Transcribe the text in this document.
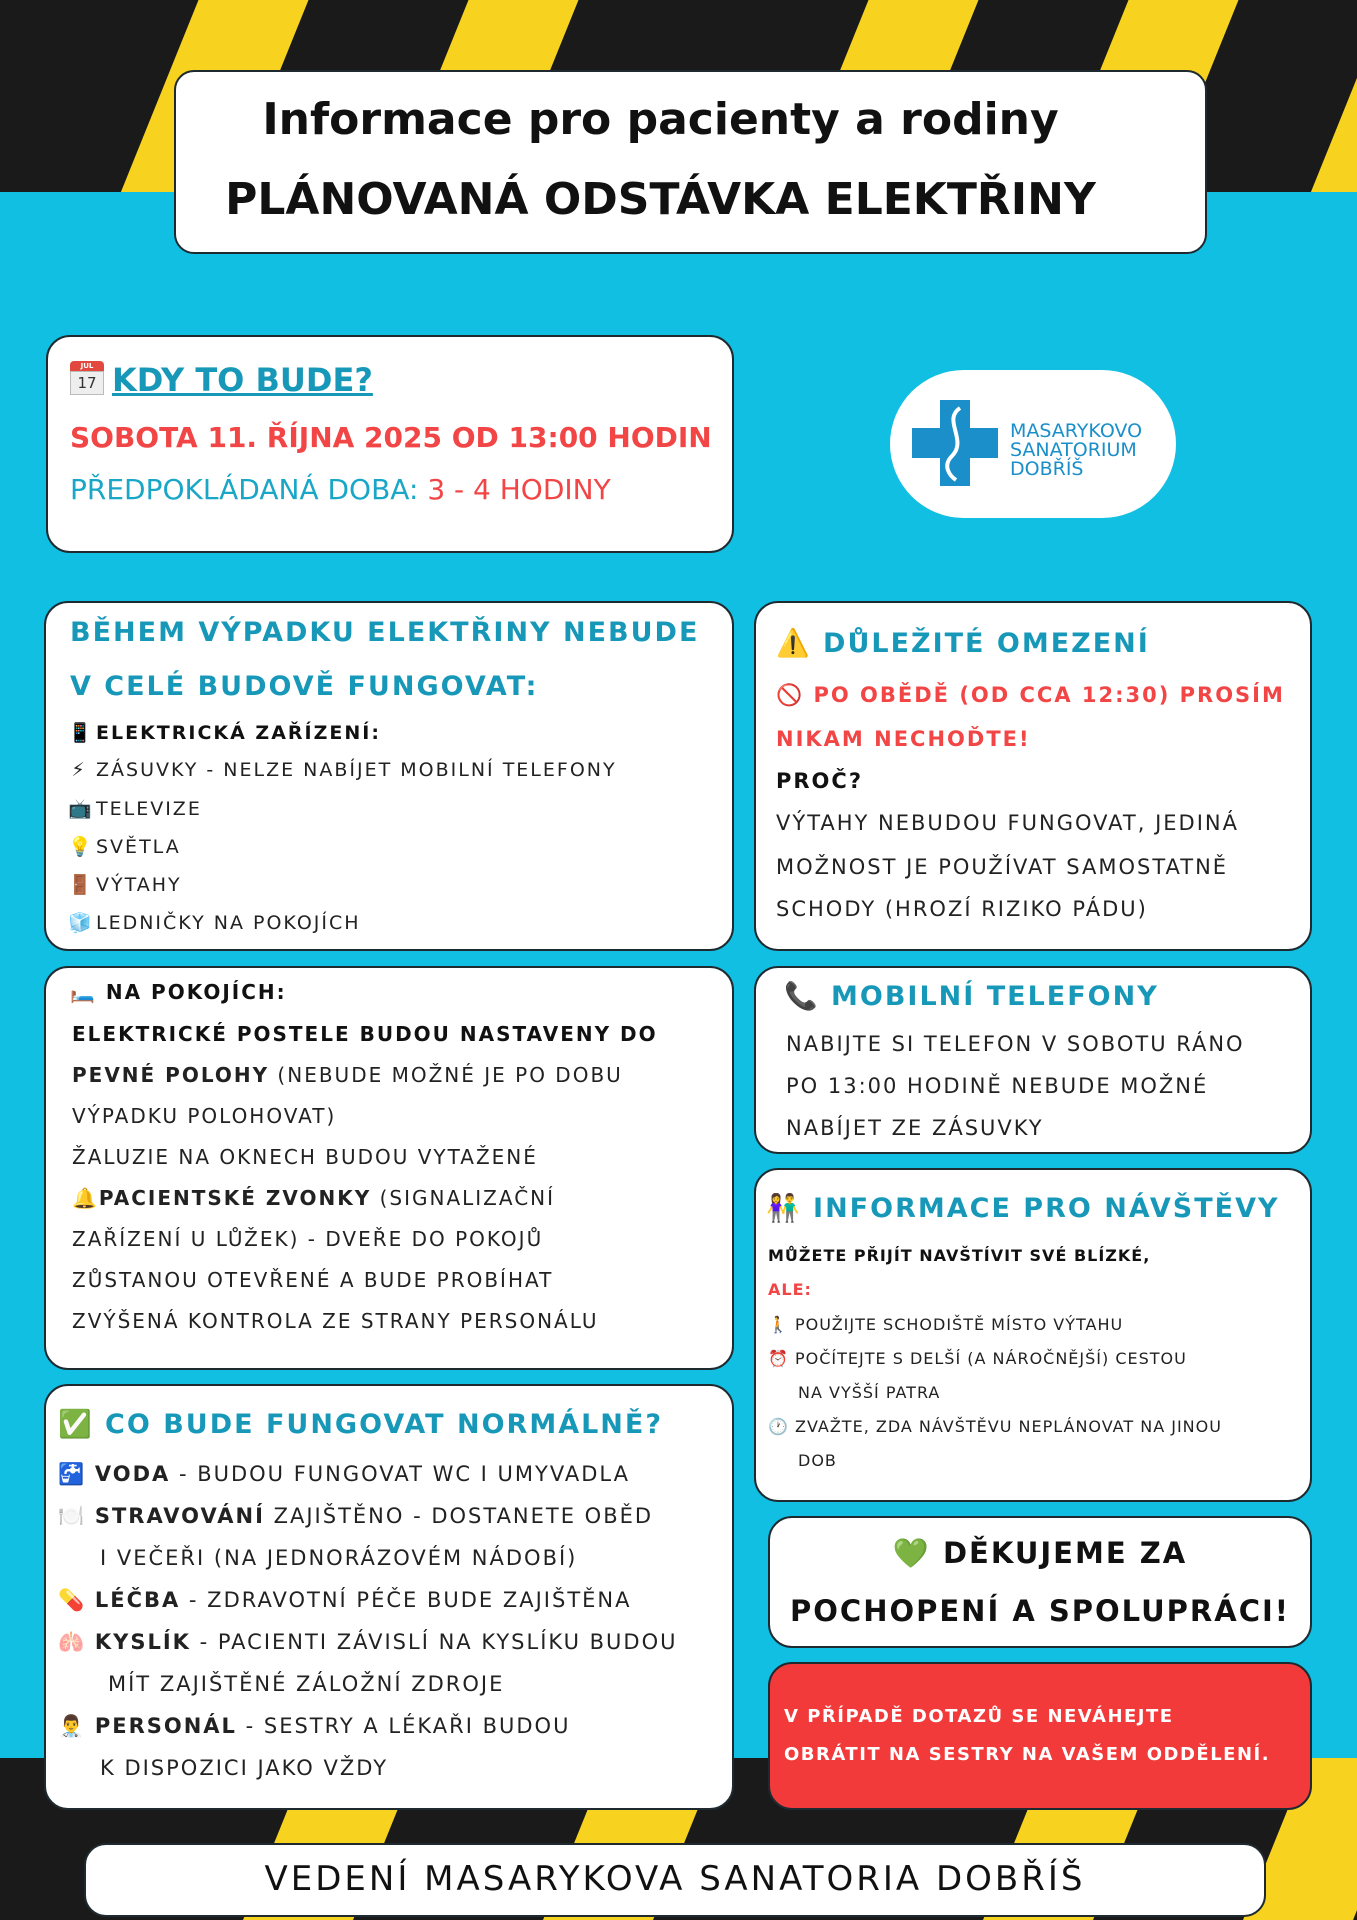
Informace pro pacienty a rodiny
PLÁNOVANÁ ODSTÁVKA ELEKTŘINY
JUL
17 KDY TO BUDE?
SOBOTA 11. ŘÍJNA 2025 OD 13:00 HODIN
PŘEDPOKLÁDANÁ DOBA: 3 - 4 HODINY
MASARYKOVO
SANATORIUM
DOBŘÍŠ
BĚHEM VÝPADKU ELEKTŘINY NEBUDE
V CELÉ BUDOVĚ FUNGOVAT:
📱 ELEKTRICKÁ ZAŘÍZENÍ:
⚡ ZÁSUVKY - NELZE NABÍJET MOBILNÍ TELEFONY
📺 TELEVIZE
💡 SVĚTLA
🚪 VÝTAHY
🧊 LEDNIČKY NA POKOJÍCH
⚠️ DŮLEŽITÉ OMEZENÍ
🚫 PO OBĚDĚ (OD CCA 12:30) PROSÍM
NIKAM NECHOĎTE!
PROČ?
VÝTAHY NEBUDOU FUNGOVAT, JEDINÁ
MOŽNOST JE POUŽÍVAT SAMOSTATNĚ
SCHODY (HROZÍ RIZIKO PÁDU)
🛏️ NA POKOJÍCH:
ELEKTRICKÉ POSTELE BUDOU NASTAVENY DO
PEVNÉ POLOHY (NEBUDE MOŽNÉ JE PO DOBU
VÝPADKU POLOHOVAT)
ŽALUZIE NA OKNECH BUDOU VYTAŽENÉ
🔔PACIENTSKÉ ZVONKY (SIGNALIZAČNÍ
ZAŘÍZENÍ U LŮŽEK) - DVEŘE DO POKOJŮ
ZŮSTANOU OTEVŘENÉ A BUDE PROBÍHAT
ZVÝŠENÁ KONTROLA ZE STRANY PERSONÁLU
📞 MOBILNÍ TELEFONY
NABIJTE SI TELEFON V SOBOTU RÁNO
PO 13:00 HODINĚ NEBUDE MOŽNÉ
NABÍJET ZE ZÁSUVKY
👫 INFORMACE PRO NÁVŠTĚVY
MŮŽETE PŘIJÍT NAVŠTÍVIT SVÉ BLÍZKÉ,
ALE:
🚶 POUŽIJTE SCHODIŠTĚ MÍSTO VÝTAHU
⏰ POČÍTEJTE S DELŠÍ (A NÁROČNĚJŠÍ) CESTOU
NA VYŠŠÍ PATRA
🕐 ZVAŽTE, ZDA NÁVŠTĚVU NEPLÁNOVAT NA JINOU
DOB
✅ CO BUDE FUNGOVAT NORMÁLNĚ?
🚰 VODA - BUDOU FUNGOVAT WC I UMYVADLA
🍽️ STRAVOVÁNÍ ZAJIŠTĚNO - DOSTANETE OBĚD
I VEČEŘI (NA JEDNORÁZOVÉM NÁDOBÍ)
💊 LÉČBA - ZDRAVOTNÍ PÉČE BUDE ZAJIŠTĚNA
🫁 KYSLÍK - PACIENTI ZÁVISLÍ NA KYSLÍKU BUDOU
MÍT ZAJIŠTĚNÉ ZÁLOŽNÍ ZDROJE
👨‍⚕️ PERSONÁL - SESTRY A LÉKAŘI BUDOU
K DISPOZICI JAKO VŽDY
💚 DĚKUJEME ZA
POCHOPENÍ A SPOLUPRÁCI!
V PŘÍPADĚ DOTAZŮ SE NEVÁHEJTE
OBRÁTIT NA SESTRY NA VAŠEM ODDĚLENÍ.
VEDENÍ MASARYKOVA SANATORIA DOBŘÍŠ
